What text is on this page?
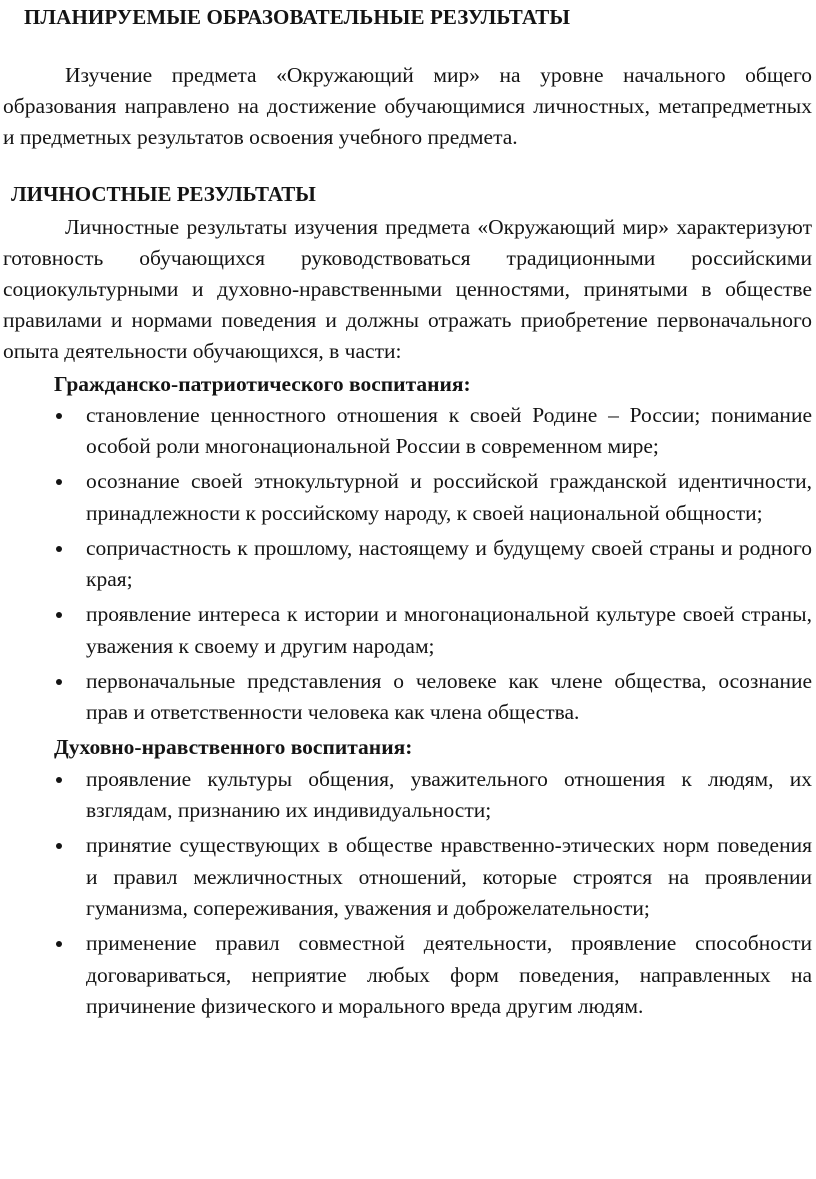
ПЛАНИРУЕМЫЕ ОБРАЗОВАТЕЛЬНЫЕ РЕЗУЛЬТАТЫ

Изучение предмета «Окружающий мир» на уровне начального общего образования направлено на достижение обучающимися личностных, метапредметных и предметных результатов освоения учебного предмета.

ЛИЧНОСТНЫЕ РЕЗУЛЬТАТЫ

Личностные результаты изучения предмета «Окружающий мир» характеризуют готовность обучающихся руководствоваться традиционными российскими социокультурными и духовно-нравственными ценностями, принятыми в обществе правилами и нормами поведения и должны отражать приобретение первоначального опыта деятельности обучающихся, в части:

Гражданско-патриотического воспитания:
становление ценностного отношения к своей Родине – России; понимание особой роли многонациональной России в современном мире;
осознание своей этнокультурной и российской гражданской идентичности, принадлежности к российскому народу, к своей национальной общности;
сопричастность к прошлому, настоящему и будущему своей страны и родного края;
проявление интереса к истории и многонациональной культуре своей страны, уважения к своему и другим народам;
первоначальные представления о человеке как члене общества, осознание прав и ответственности человека как члена общества.
Духовно-нравственного воспитания:
проявление культуры общения, уважительного отношения к людям, их взглядам, признанию их индивидуальности;
принятие существующих в обществе нравственно-этических норм поведения и правил межличностных отношений, которые строятся на проявлении гуманизма, сопереживания, уважения и доброжелательности;
применение правил совместной деятельности, проявление способности договариваться, неприятие любых форм поведения, направленных на причинение физического и морального вреда другим людям.
